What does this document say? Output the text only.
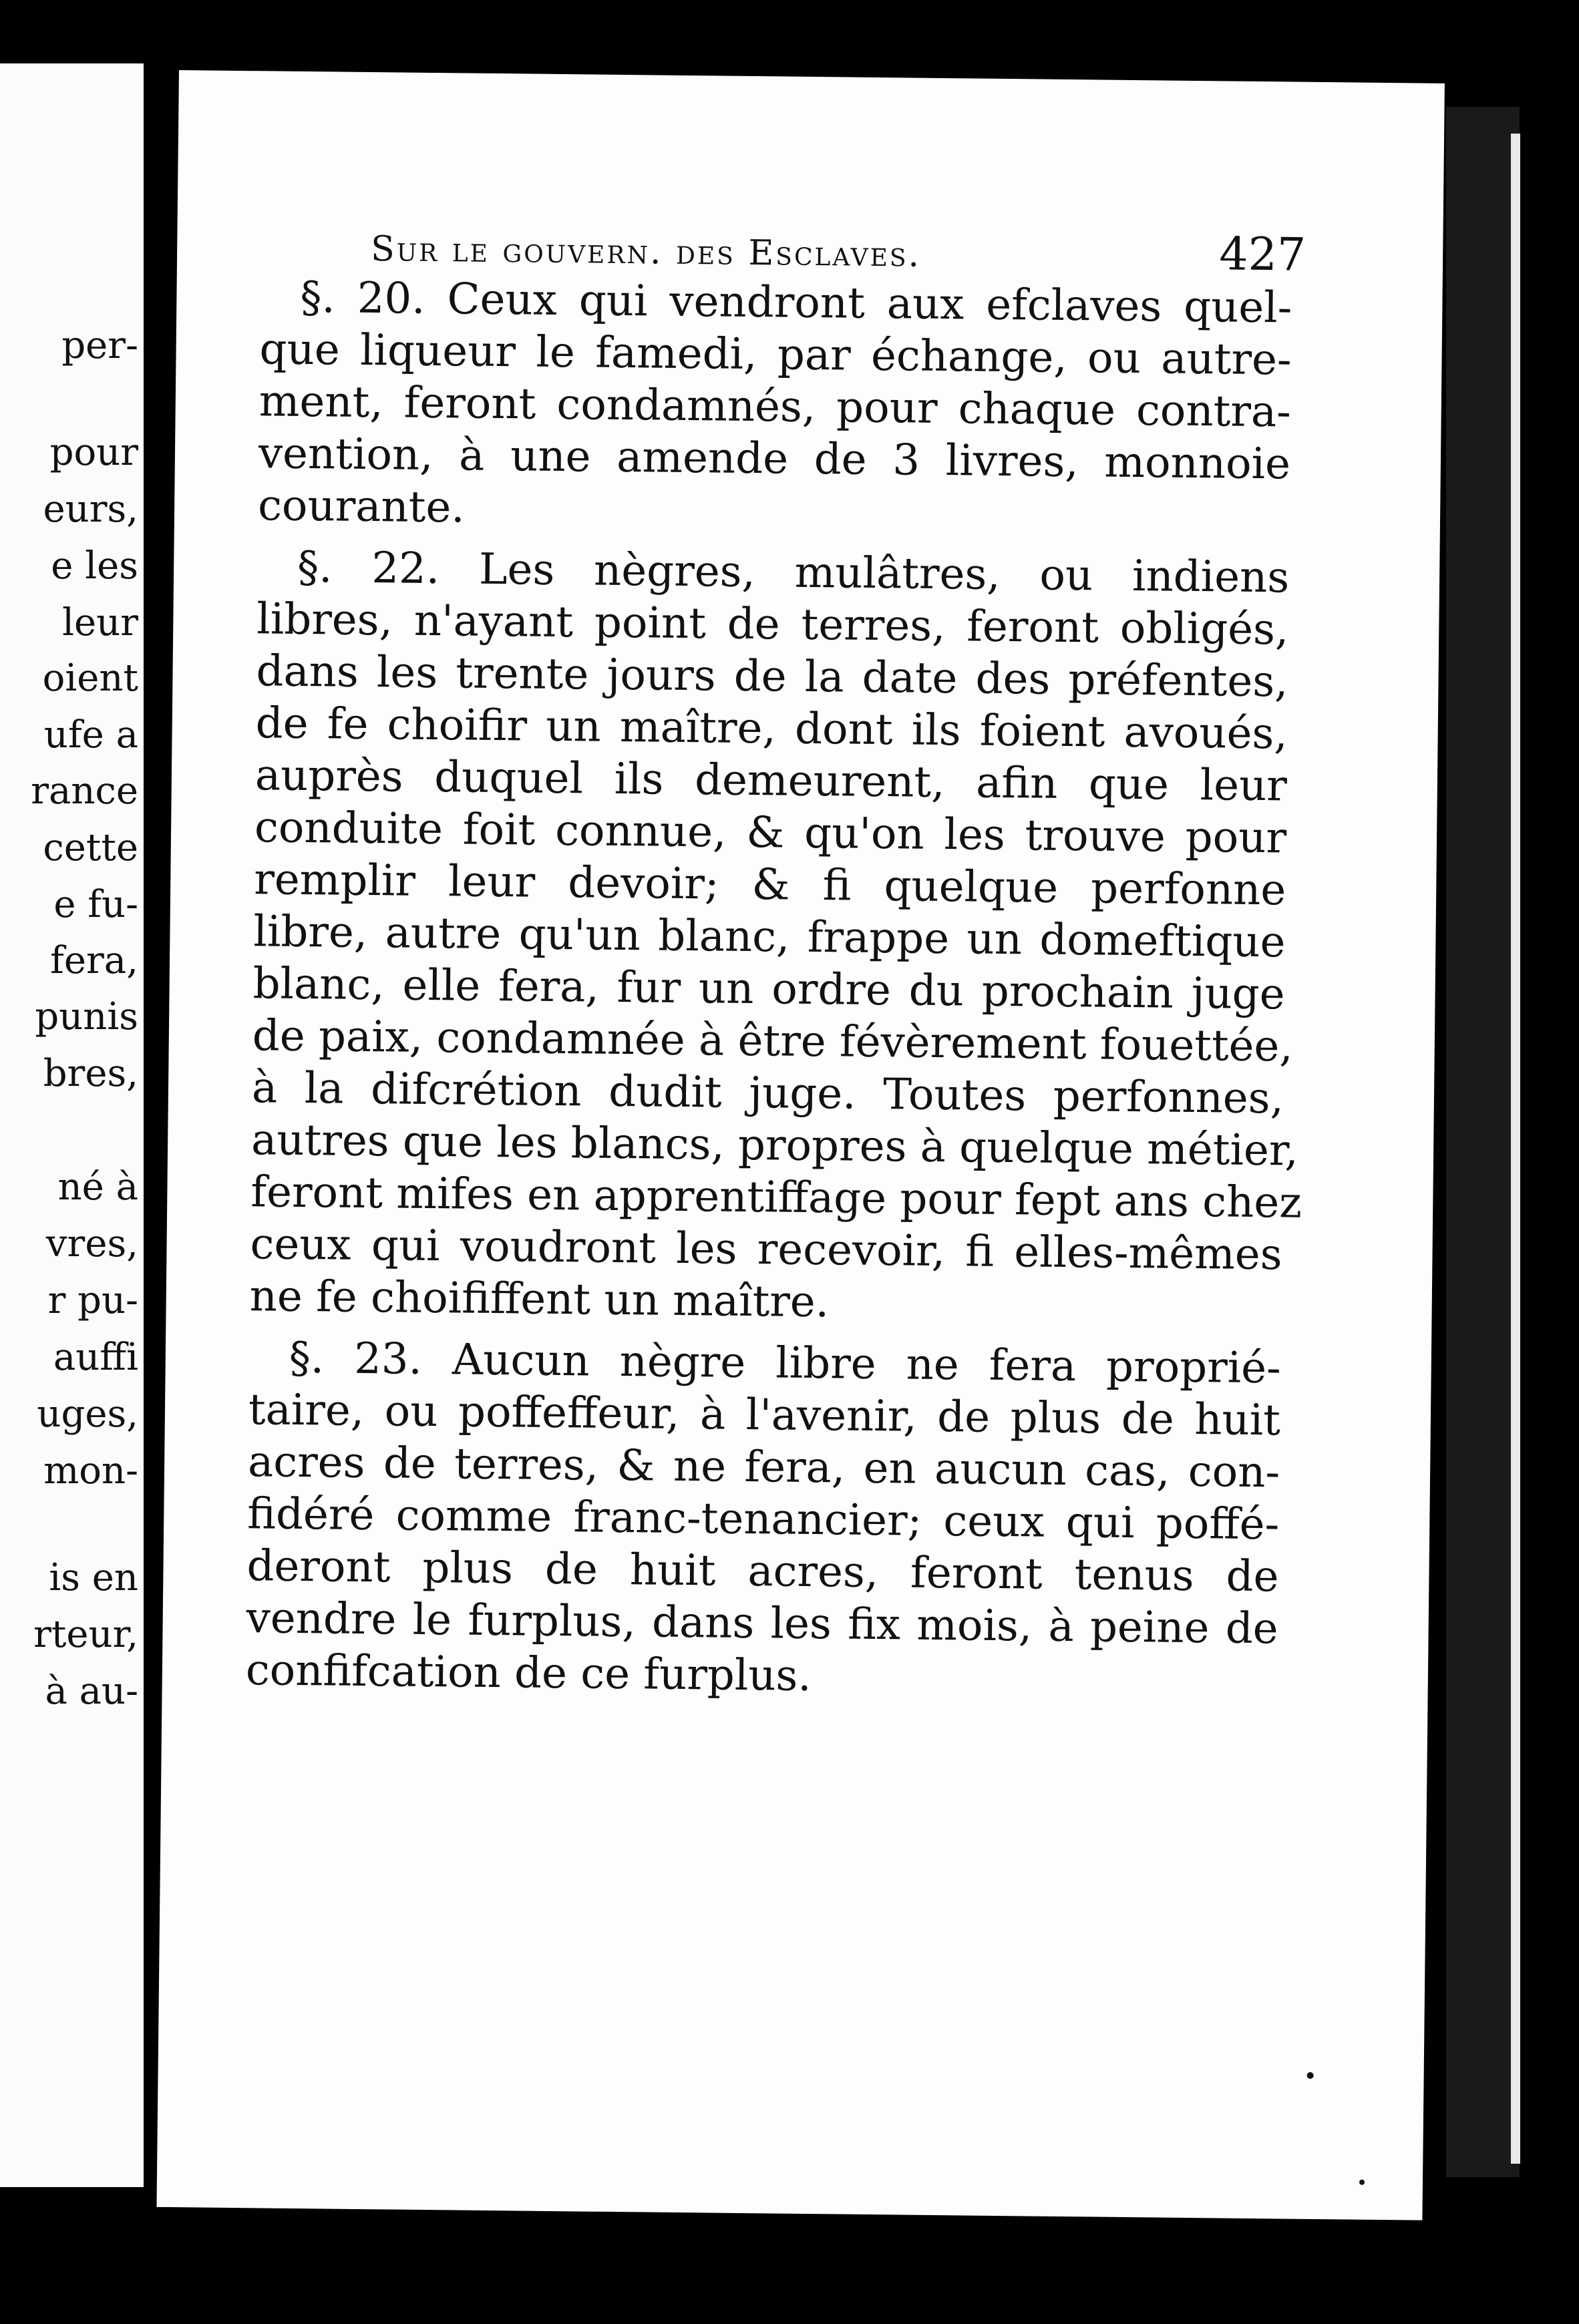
per-
pour
eurs,
e les
leur
oient
ufe a
rance
cette
e fu-
fera,
punis
bres,
né à
vres,
r pu-
auffi
uges,
mon-
is en
rteur,
à au-
Sur le gouvern. des Esclaves.	427
§. 20. Ceux qui vendront aux efclaves quel-
que liqueur le famedi, par échange, ou autre-
ment, feront condamnés, pour chaque contra-
vention, à une amende de 3 livres, monnoie
courante.
§. 22. Les nègres, mulâtres, ou indiens
libres, n'ayant point de terres, feront obligés,
dans les trente jours de la date des préfentes,
de fe choifir un maître, dont ils foient avoués,
auprès duquel ils demeurent, afin que leur
conduite foit connue, & qu'on les trouve pour
remplir leur devoir; & fi quelque perfonne
libre, autre qu'un blanc, frappe un domeftique
blanc, elle fera, fur un ordre du prochain juge
de paix, condamnée à être févèrement fouettée,
à la difcrétion dudit juge. Toutes perfonnes,
autres que les blancs, propres à quelque métier,
feront mifes en apprentiffage pour fept ans chez
ceux qui voudront les recevoir, fi elles-mêmes
ne fe choififfent un maître.
§. 23. Aucun nègre libre ne fera proprié-
taire, ou poffeffeur, à l'avenir, de plus de huit
acres de terres, & ne fera, en aucun cas, con-
fidéré comme franc-tenancier; ceux qui poffé-
deront plus de huit acres, feront tenus de
vendre le furplus, dans les fix mois, à peine de
confifcation de ce furplus.
